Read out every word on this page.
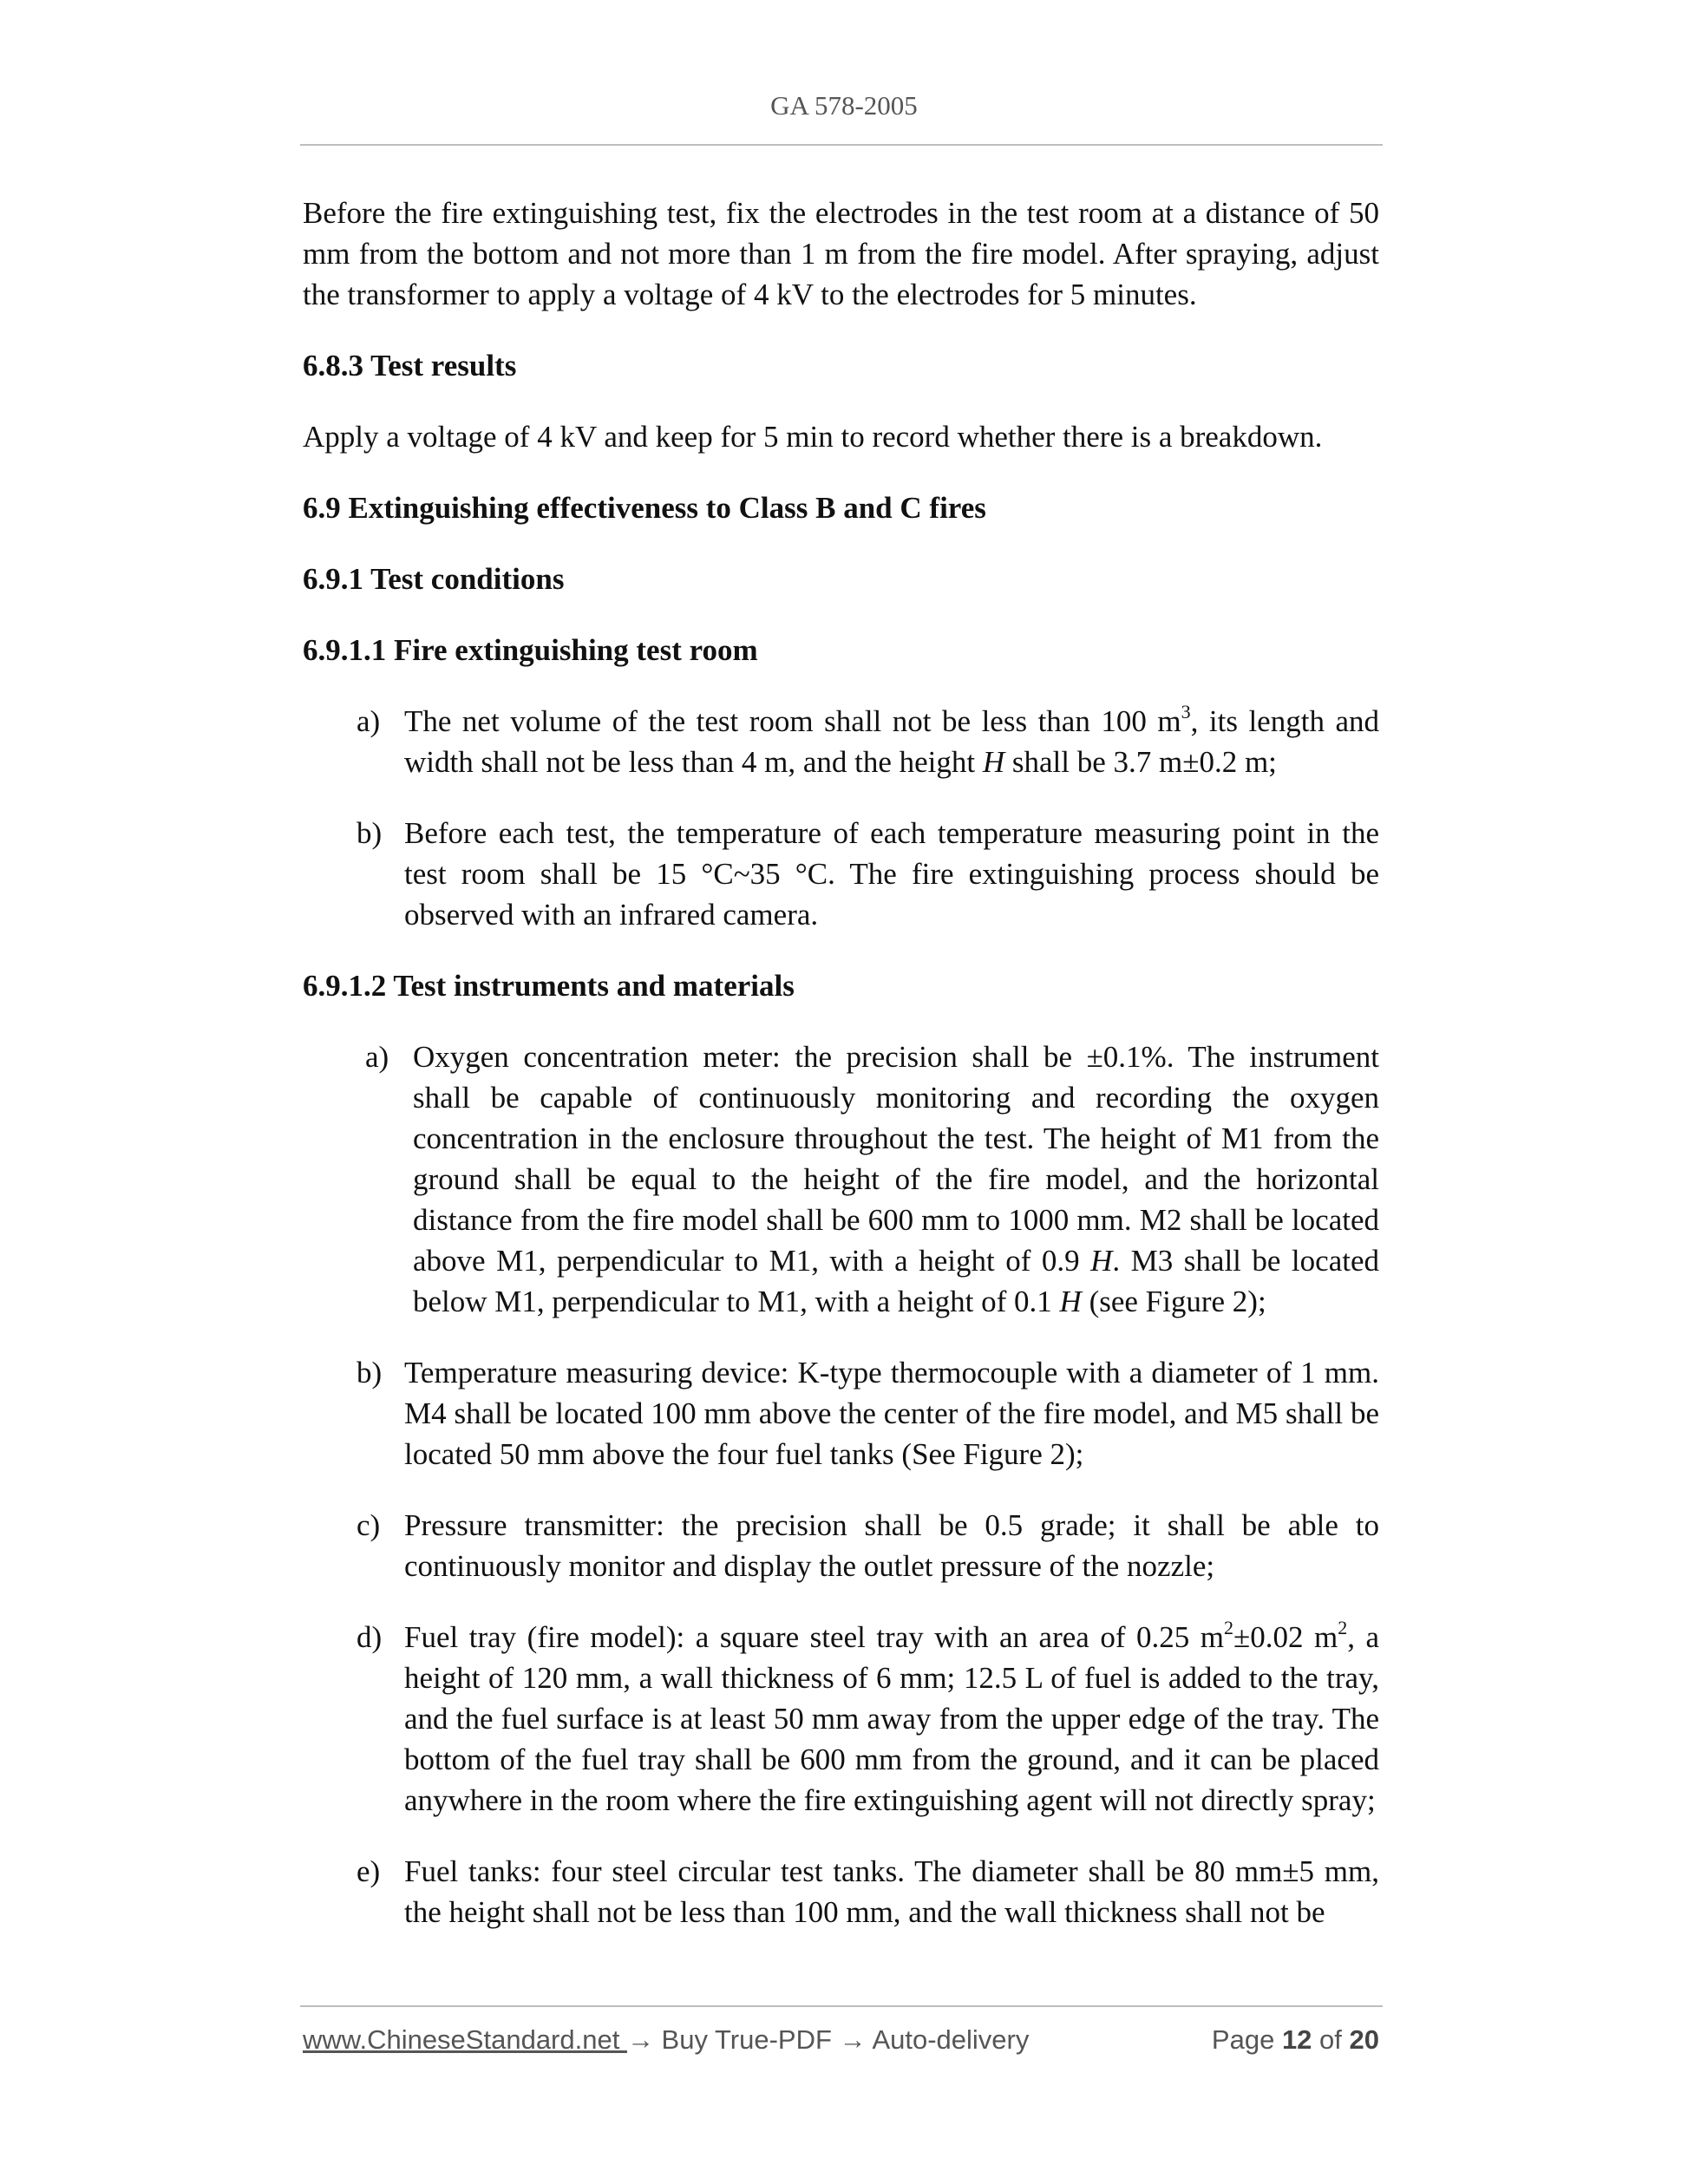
GA 578-2005

Before the fire extinguishing test, fix the electrodes in the test room at a distance of 50 mm from the bottom and not more than 1 m from the fire model. After spraying, adjust the transformer to apply a voltage of 4 kV to the electrodes for 5 minutes.

6.8.3 Test results

Apply a voltage of 4 kV and keep for 5 min to record whether there is a breakdown.

6.9 Extinguishing effectiveness to Class B and C fires

6.9.1 Test conditions

6.9.1.1 Fire extinguishing test room

a) The net volume of the test room shall not be less than 100 $m^3$, its length and width shall not be less than 4 m, and the height H shall be 3.7 m±0.2 m;
b) Before each test, the temperature of each temperature measuring point in the test room shall be 15 °C~35 °C. The fire extinguishing process should be observed with an infrared camera.

6.9.1.2 Test instruments and materials

a) Oxygen concentration meter: the precision shall be ±0.1%. The instrument shall be capable of continuously monitoring and recording the oxygen concentration in the enclosure throughout the test. The height of M1 from the ground shall be equal to the height of the fire model, and the horizontal distance from the fire model shall be 600 mm to 1000 mm. M2 shall be located above M1, perpendicular to M1, with a height of 0.9 H. M3 shall be located below M1, perpendicular to M1, with a height of 0.1 H (see Figure 2);
b) Temperature measuring device: K-type thermocouple with a diameter of 1 mm. M4 shall be located 100 mm above the center of the fire model, and M5 shall be located 50 mm above the four fuel tanks (See Figure 2);
c) Pressure transmitter: the precision shall be 0.5 grade; it shall be able to continuously monitor and display the outlet pressure of the nozzle;
d) Fuel tray (fire model): a square steel tray with an area of 0.25 $m^2\pm 0.02$ $m^2$, a height of 120 mm, a wall thickness of 6 mm; 12.5 L of fuel is added to the tray, and the fuel surface is at least 50 mm away from the upper edge of the tray. The bottom of the fuel tray shall be 600 mm from the ground, and it can be placed anywhere in the room where the fire extinguishing agent will not directly spray;
e) Fuel tanks: four steel circular test tanks. The diameter shall be 80 mm±5 mm, the height shall not be less than 100 mm, and the wall thickness shall not be
www.ChineseStandard.net → Buy True-PDF → Auto-delivery	Page 12 of 20
